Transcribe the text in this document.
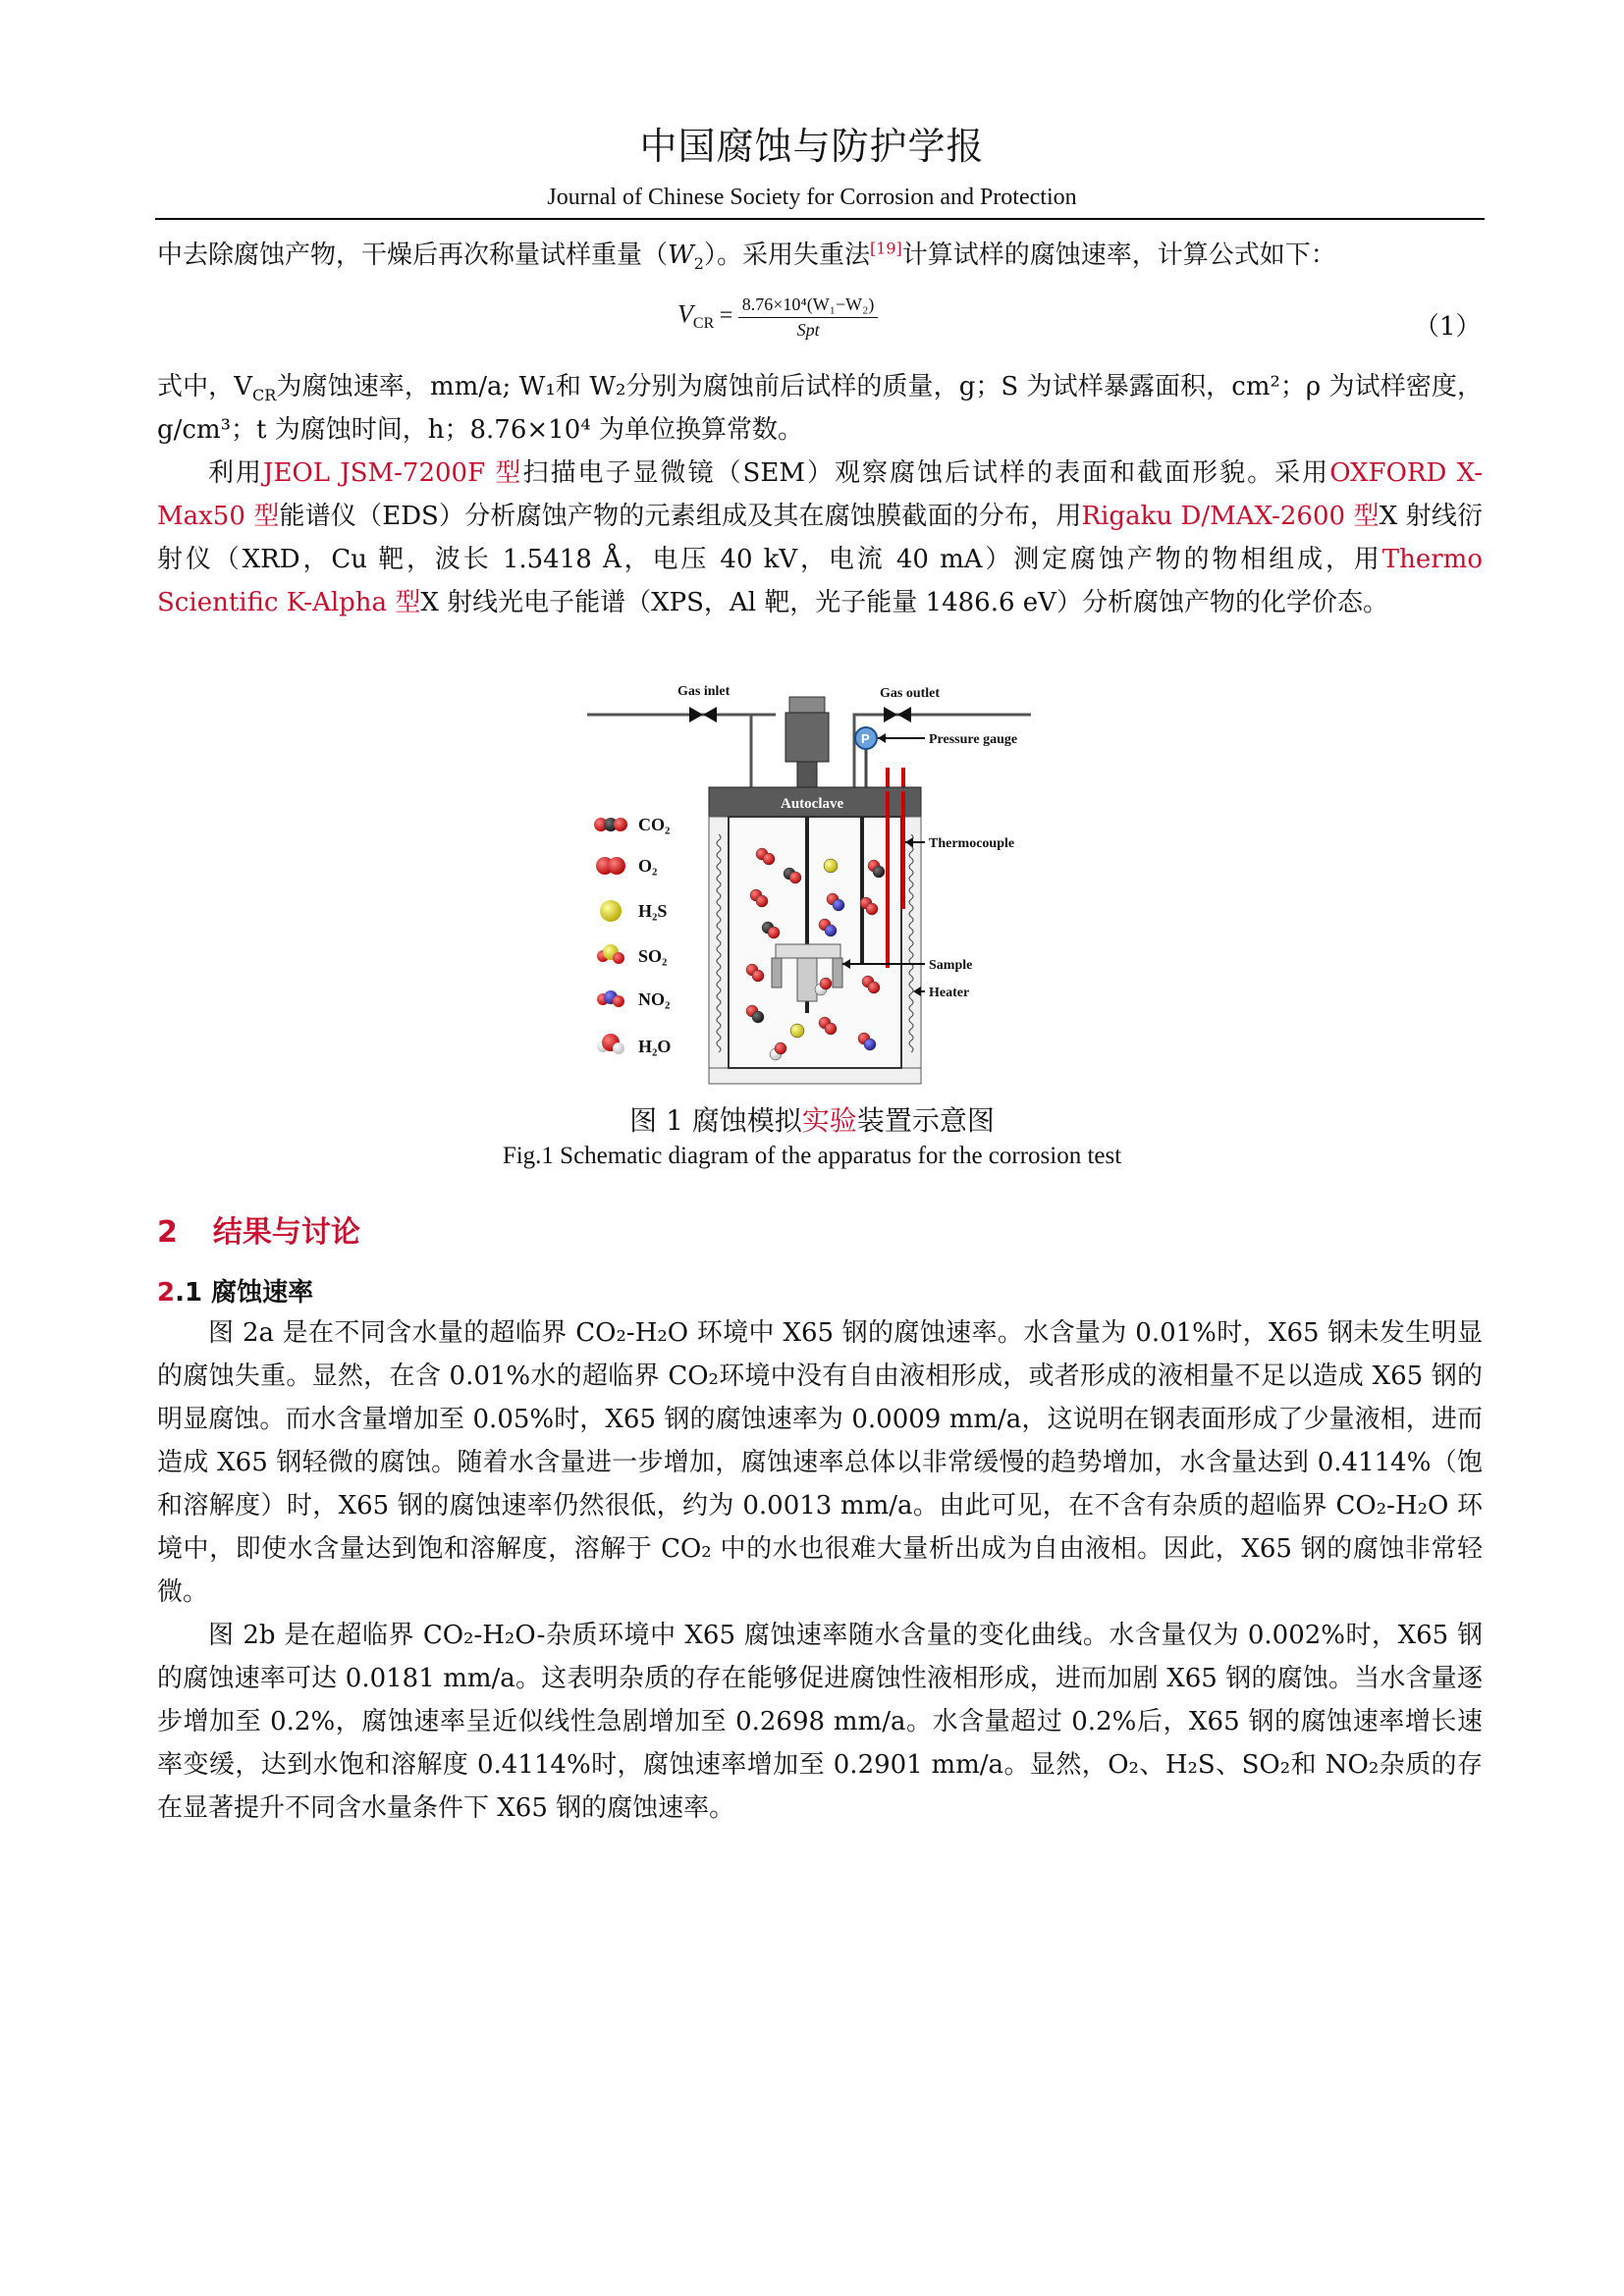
中国腐蚀与防护学报
Journal of Chinese Society for Corrosion and Protection
中去除腐蚀产物，干燥后再次称量试样重量$(W_2)$。采用失重法[19]计算试样的腐蚀速率，计算公式如下：
$V_{CR} = \frac{\text{8.76×10⁴(W₁−W₂)}}{\text{Spt}}$	（1）
式中，$V_{CR}$为腐蚀速率，mm/a; W₁和 W₂分别为腐蚀前后试样的质量，g；S 为试样暴露面积，cm²；ρ 为试样密度，g/cm³；t 为腐蚀时间，h；8.76×10⁴ 为单位换算常数。
利用JEOL JSM-7200F 型扫描电子显微镜（SEM）观察腐蚀后试样的表面和截面形貌。采用OXFORD X-Max50 型能谱仪（EDS）分析腐蚀产物的元素组成及其在腐蚀膜截面的分布，用Rigaku D/MAX-2600 型X 射线衍射仪（XRD，Cu 靶，波长 1.5418 Å，电压 40 kV，电流 40 mA）测定腐蚀产物的物相组成，用Thermo Scientific K-Alpha 型X 射线光电子能谱（XPS，Al 靶，光子能量 1486.6 eV）分析腐蚀产物的化学价态。
Gas inlet	Gas outlet
P	Pressure gauge
Autoclave
Thermocouple
Sample
Heater
CO₂
O₂
H₂S
SO₂
NO₂
H₂O
图 1 腐蚀模拟实验装置示意图
Fig.1 Schematic diagram of the apparatus for the corrosion test
2 结果与讨论
2.1 腐蚀速率
图 2a 是在不同含水量的超临界 CO₂-H₂O 环境中 X65 钢的腐蚀速率。水含量为 0.01%时，X65 钢未发生明显的腐蚀失重。显然，在含 0.01%水的超临界 CO₂环境中没有自由液相形成，或者形成的液相量不足以造成 X65 钢的明显腐蚀。而水含量增加至 0.05%时，X65 钢的腐蚀速率为 0.0009 mm/a，这说明在钢表面形成了少量液相，进而造成 X65 钢轻微的腐蚀。随着水含量进一步增加，腐蚀速率总体以非常缓慢的趋势增加，水含量达到 0.4114%（饱和溶解度）时，X65 钢的腐蚀速率仍然很低，约为 0.0013 mm/a。由此可见，在不含有杂质的超临界 CO₂-H₂O 环境中，即使水含量达到饱和溶解度，溶解于 CO₂ 中的水也很难大量析出成为自由液相。因此，X65 钢的腐蚀非常轻微。
图 2b 是在超临界 CO₂-H₂O-杂质环境中 X65 腐蚀速率随水含量的变化曲线。水含量仅为 0.002%时，X65 钢的腐蚀速率可达 0.0181 mm/a。这表明杂质的存在能够促进腐蚀性液相形成，进而加剧 X65 钢的腐蚀。当水含量逐步增加至 0.2%，腐蚀速率呈近似线性急剧增加至 0.2698 mm/a。水含量超过 0.2%后，X65 钢的腐蚀速率增长速率变缓，达到水饱和溶解度 0.4114%时，腐蚀速率增加至 0.2901 mm/a。显然，O₂、H₂S、SO₂和 NO₂杂质的存在显著提升不同含水量条件下 X65 钢的腐蚀速率。
